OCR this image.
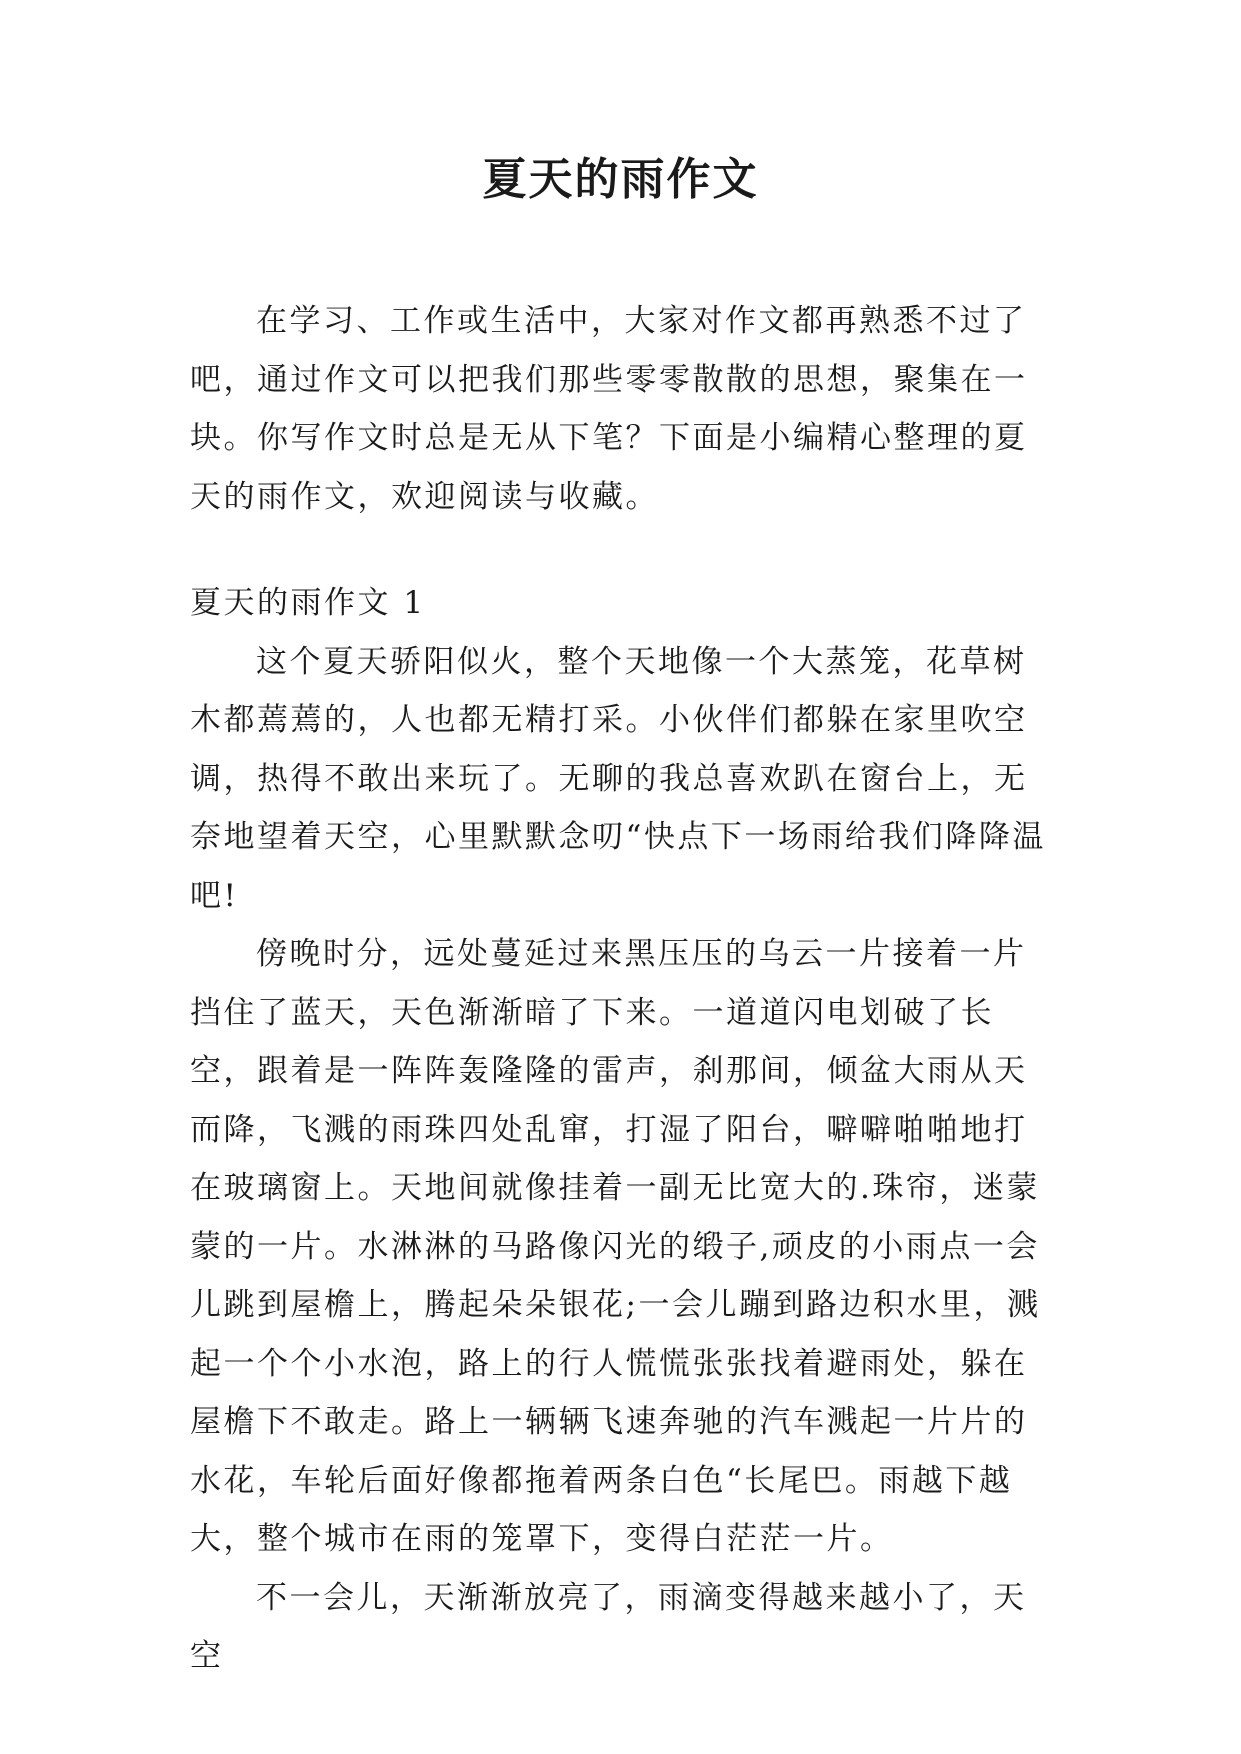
夏天的雨作文

在学习、工作或生活中，大家对作文都再熟悉不过了吧，通过作文可以把我们那些零零散散的思想，聚集在一块。你写作文时总是无从下笔？下面是小编精心整理的夏天的雨作文，欢迎阅读与收藏。

夏天的雨作文 1

这个夏天骄阳似火，整个天地像一个大蒸笼，花草树木都蔫蔫的，人也都无精打采。小伙伴们都躲在家里吹空调，热得不敢出来玩了。无聊的我总喜欢趴在窗台上，无奈地望着天空，心里默默念叨“快点下一场雨给我们降降温吧!

傍晚时分，远处蔓延过来黑压压的乌云一片接着一片挡住了蓝天，天色渐渐暗了下来。一道道闪电划破了长空，跟着是一阵阵轰隆隆的雷声，刹那间，倾盆大雨从天而降，飞溅的雨珠四处乱窜，打湿了阳台，噼噼啪啪地打在玻璃窗上。天地间就像挂着一副无比宽大的.珠帘，迷蒙蒙的一片。水淋淋的马路像闪光的缎子,顽皮的小雨点一会儿跳到屋檐上，腾起朵朵银花;一会儿蹦到路边积水里，溅起一个个小水泡，路上的行人慌慌张张找着避雨处，躲在屋檐下不敢走。路上一辆辆飞速奔驰的汽车溅起一片片的水花，车轮后面好像都拖着两条白色“长尾巴。雨越下越大，整个城市在雨的笼罩下，变得白茫茫一片。

不一会儿，天渐渐放亮了，雨滴变得越来越小了，天空
